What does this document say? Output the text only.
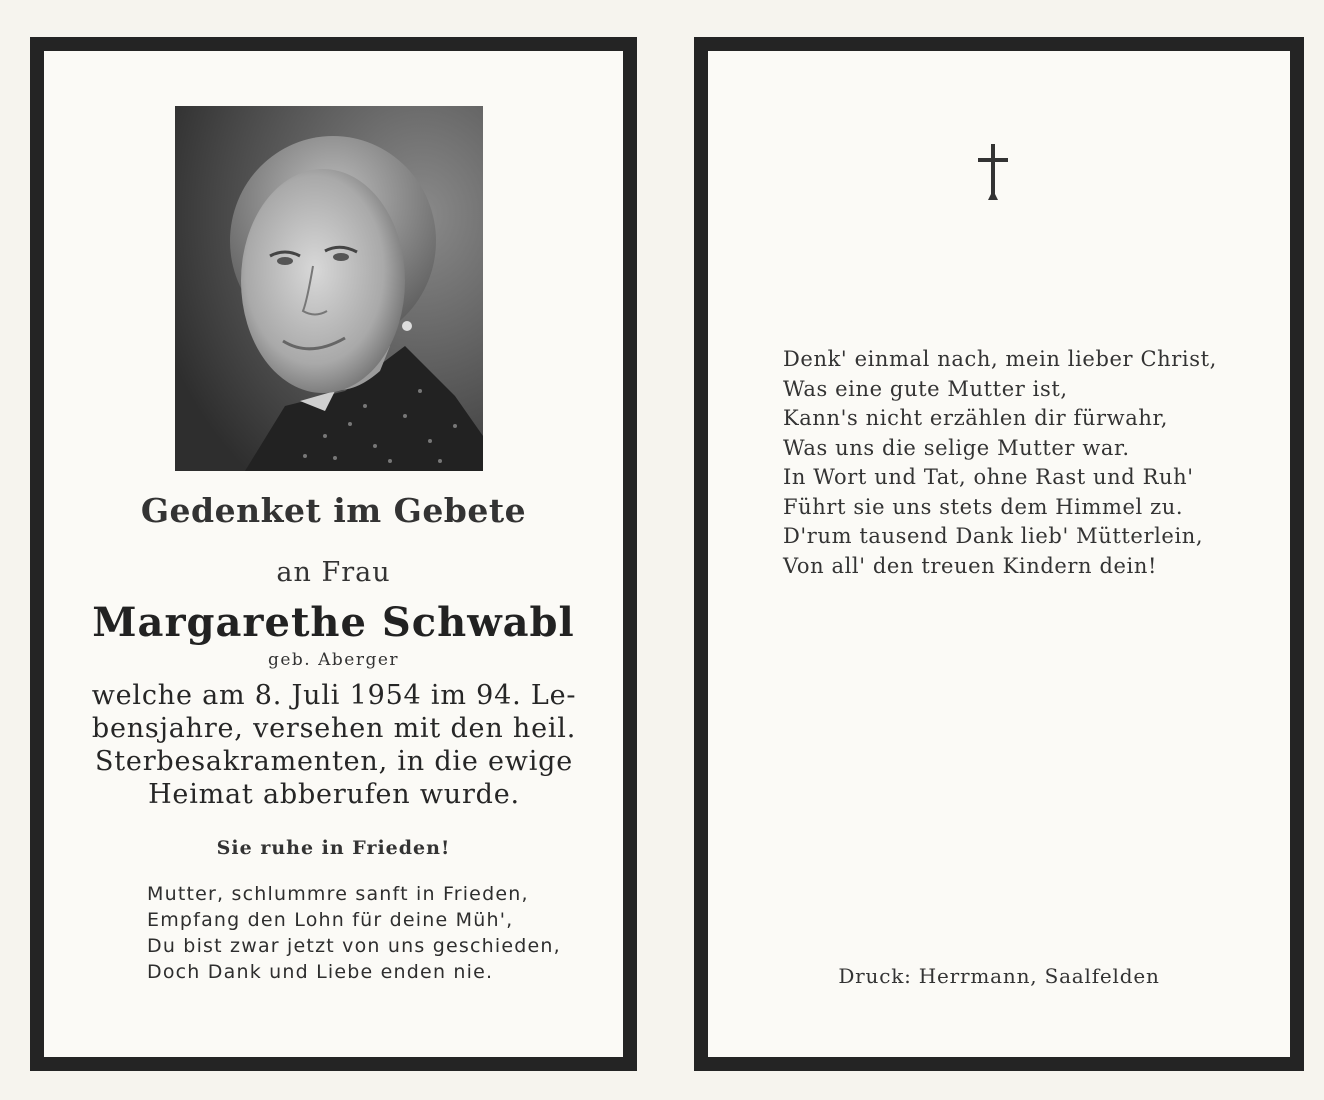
Gedenket im Gebete
an Frau
Margarethe Schwabl
geb. Aberger
welche am 8. Juli 1954 im 94. Le-
bensjahre, versehen mit den heil.
Sterbesakramenten, in die ewige
Heimat abberufen wurde.
Sie ruhe in Frieden!
Mutter, schlummre sanft in Frieden,
Empfang den Lohn für deine Müh',
Du bist zwar jetzt von uns geschieden,
Doch Dank und Liebe enden nie.
Denk' einmal nach, mein lieber Christ,
Was eine gute Mutter ist,
Kann's nicht erzählen dir fürwahr,
Was uns die selige Mutter war.
In Wort und Tat, ohne Rast und Ruh'
Führt sie uns stets dem Himmel zu.
D'rum tausend Dank lieb' Mütterlein,
Von all' den treuen Kindern dein!
Druck: Herrmann, Saalfelden
